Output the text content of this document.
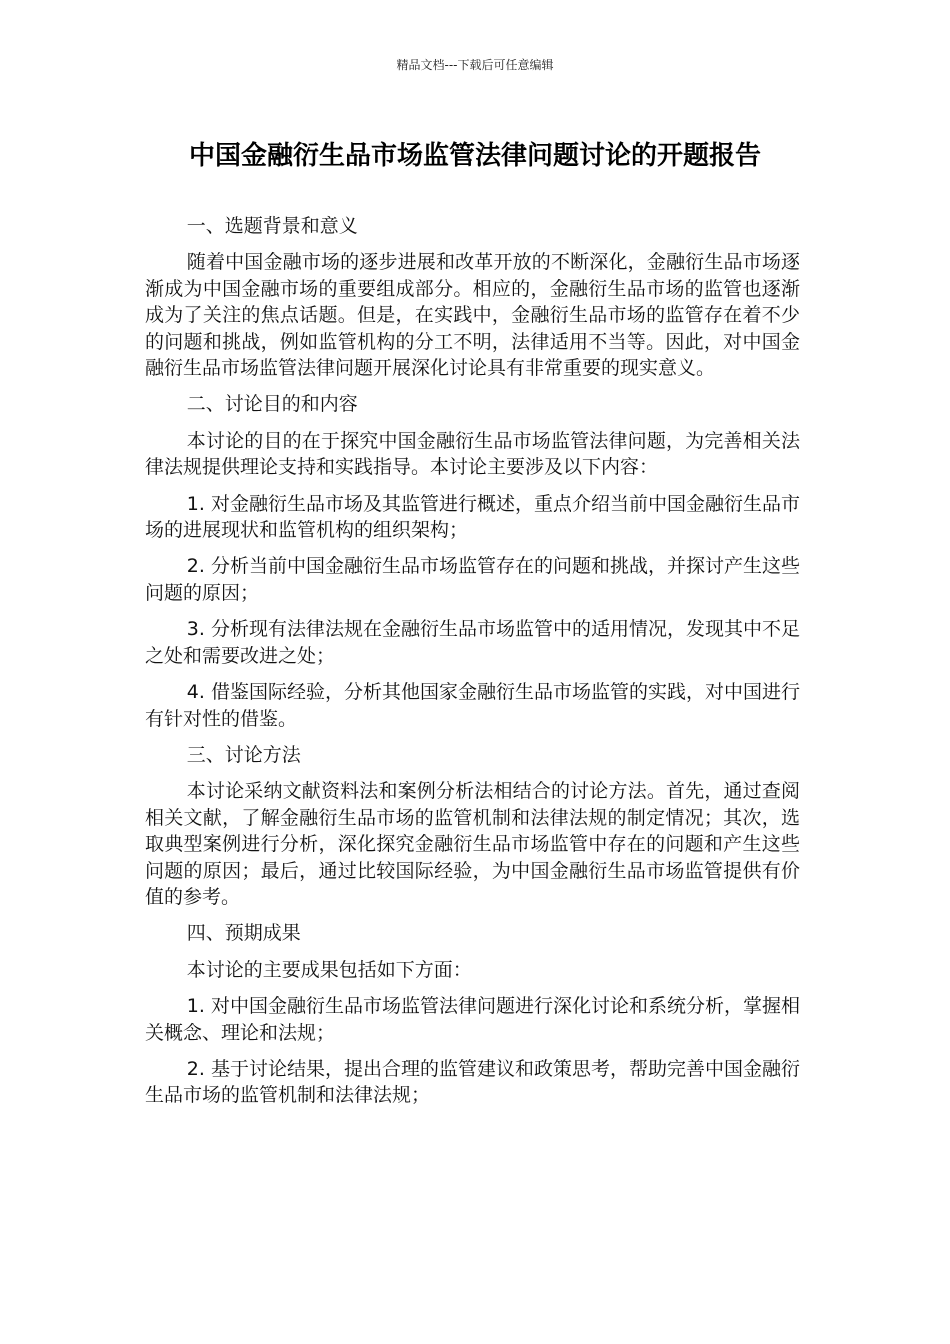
精品文档---下载后可任意编辑
中国金融衍生品市场监管法律问题讨论的开题报告

一、选题背景和意义

随着中国金融市场的逐步进展和改革开放的不断深化，金融衍生品市场逐渐成为中国金融市场的重要组成部分。相应的，金融衍生品市场的监管也逐渐成为了关注的焦点话题。但是，在实践中，金融衍生品市场的监管存在着不少的问题和挑战，例如监管机构的分工不明，法律适用不当等。因此，对中国金融衍生品市场监管法律问题开展深化讨论具有非常重要的现实意义。

二、讨论目的和内容

本讨论的目的在于探究中国金融衍生品市场监管法律问题，为完善相关法律法规提供理论支持和实践指导。本讨论主要涉及以下内容：

1. 对金融衍生品市场及其监管进行概述，重点介绍当前中国金融衍生品市场的进展现状和监管机构的组织架构；

2. 分析当前中国金融衍生品市场监管存在的问题和挑战，并探讨产生这些问题的原因；

3. 分析现有法律法规在金融衍生品市场监管中的适用情况，发现其中不足之处和需要改进之处；

4. 借鉴国际经验，分析其他国家金融衍生品市场监管的实践，对中国进行有针对性的借鉴。

三、讨论方法

本讨论采纳文献资料法和案例分析法相结合的讨论方法。首先，通过查阅相关文献，了解金融衍生品市场的监管机制和法律法规的制定情况；其次，选取典型案例进行分析，深化探究金融衍生品市场监管中存在的问题和产生这些问题的原因；最后，通过比较国际经验，为中国金融衍生品市场监管提供有价值的参考。

四、预期成果

本讨论的主要成果包括如下方面：

1. 对中国金融衍生品市场监管法律问题进行深化讨论和系统分析，掌握相关概念、理论和法规；

2. 基于讨论结果，提出合理的监管建议和政策思考，帮助完善中国金融衍生品市场的监管机制和法律法规；
